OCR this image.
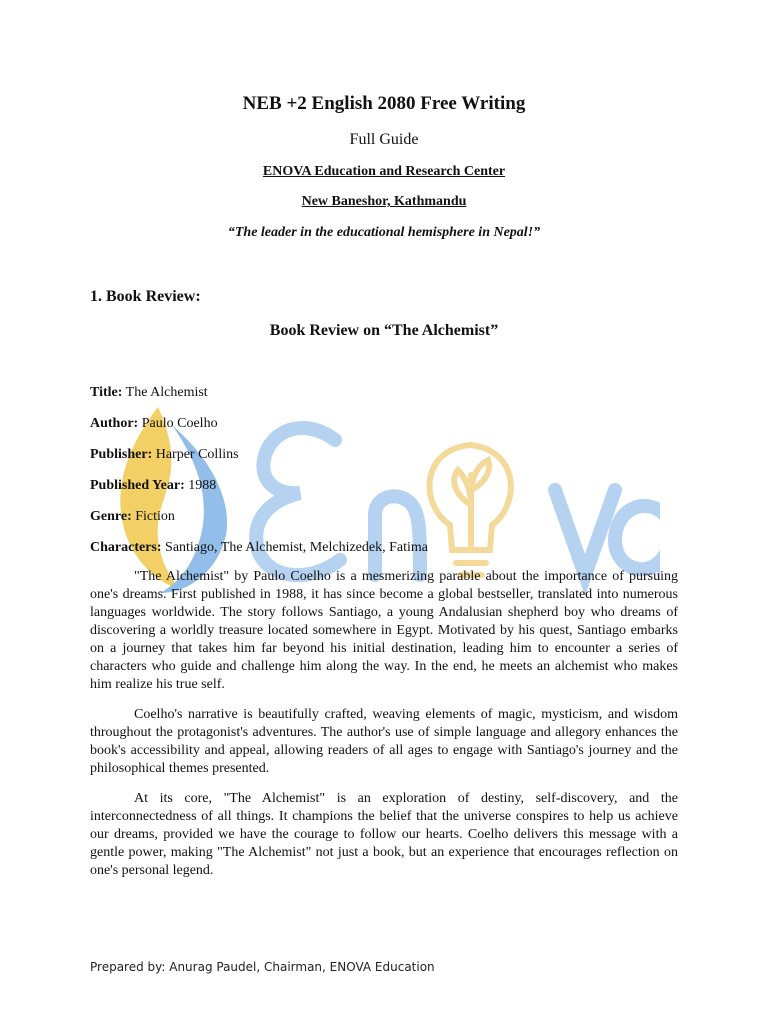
NEB +2 English 2080 Free Writing
Full Guide
ENOVA Education and Research Center
New Baneshor, Kathmandu
“The leader in the educational hemisphere in Nepal!”
1. Book Review:
Book Review on “The Alchemist”
Title: The Alchemist
Author: Paulo Coelho
Publisher: Harper Collins
Published Year: 1988
Genre: Fiction
Characters: Santiago, The Alchemist, Melchizedek, Fatima

"The Alchemist" by Paulo Coelho is a mesmerizing parable about the importance of pursuing one's dreams. First published in 1988, it has since become a global bestseller, translated into numerous languages worldwide. The story follows Santiago, a young Andalusian shepherd boy who dreams of discovering a worldly treasure located somewhere in Egypt. Motivated by his quest, Santiago embarks on a journey that takes him far beyond his initial destination, leading him to encounter a series of characters who guide and challenge him along the way. In the end, he meets an alchemist who makes him realize his true self.

Coelho's narrative is beautifully crafted, weaving elements of magic, mysticism, and wisdom throughout the protagonist's adventures. The author's use of simple language and allegory enhances the book's accessibility and appeal, allowing readers of all ages to engage with Santiago's journey and the philosophical themes presented.

At its core, "The Alchemist" is an exploration of destiny, self-discovery, and the interconnectedness of all things. It champions the belief that the universe conspires to help us achieve our dreams, provided we have the courage to follow our hearts. Coelho delivers this message with a gentle power, making "The Alchemist" not just a book, but an experience that encourages reflection on one's personal legend.

Prepared by: Anurag Paudel, Chairman, ENOVA Education
